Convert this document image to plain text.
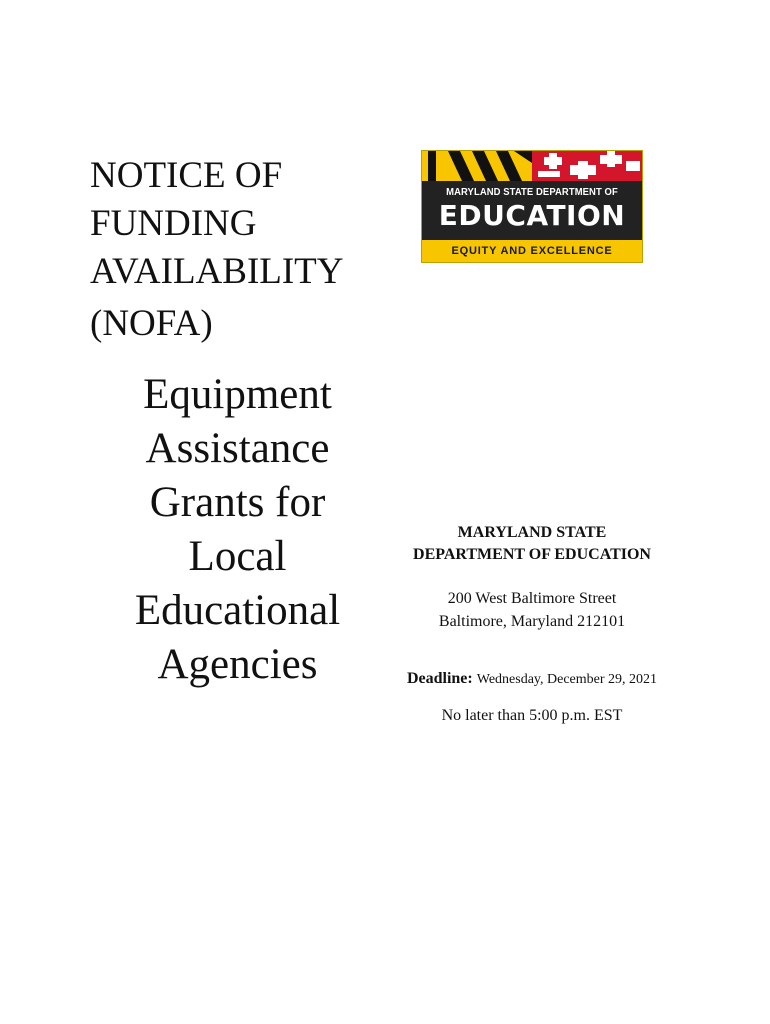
NOTICE OF
FUNDING
AVAILABILITY
(NOFA)
Equipment
Assistance
Grants for
Local
Educational
Agencies
MARYLAND STATE DEPARTMENT OF
EDUCATION
EQUITY AND EXCELLENCE
MARYLAND STATE
DEPARTMENT OF EDUCATION
200 West Baltimore Street
Baltimore, Maryland 212101
Deadline: Wednesday, December 29, 2021
No later than 5:00 p.m. EST
